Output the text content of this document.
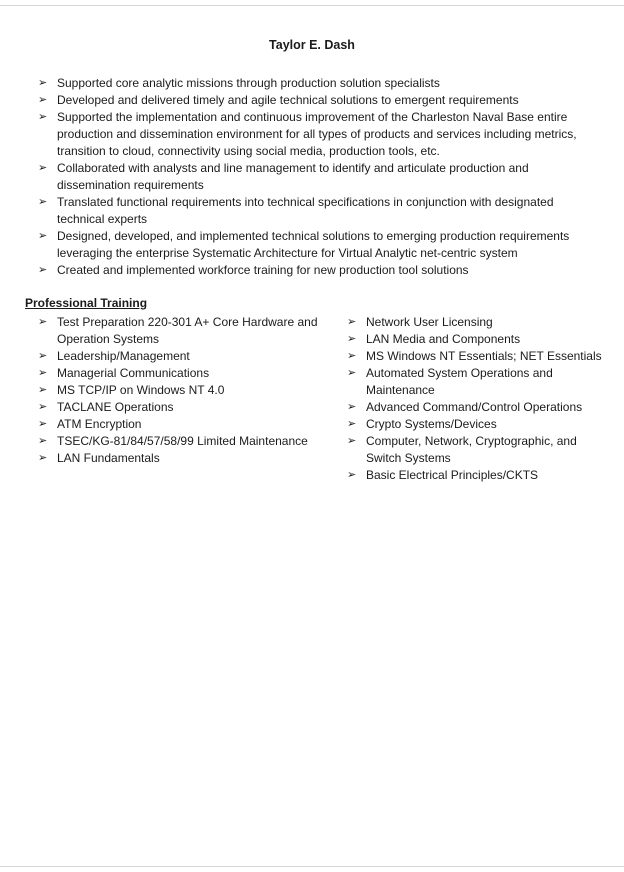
Taylor E. Dash
➢ Supported core analytic missions through production solution specialists
➢ Developed and delivered timely and agile technical solutions to emergent requirements
➢ Supported the implementation and continuous improvement of the Charleston Naval Base entire production and dissemination environment for all types of products and services including metrics, transition to cloud, connectivity using social media, production tools, etc.
➢ Collaborated with analysts and line management to identify and articulate production and dissemination requirements
➢ Translated functional requirements into technical specifications in conjunction with designated technical experts
➢ Designed, developed, and implemented technical solutions to emerging production requirements leveraging the enterprise Systematic Architecture for Virtual Analytic net-centric system
➢ Created and implemented workforce training for new production tool solutions
Professional Training
➢ Test Preparation 220-301 A+ Core Hardware and Operation Systems
➢ Leadership/Management
➢ Managerial Communications
➢ MS TCP/IP on Windows NT 4.0
➢ TACLANE Operations
➢ ATM Encryption
➢ TSEC/KG-81/84/57/58/99 Limited Maintenance
➢ LAN Fundamentals
➢ Network User Licensing
➢ LAN Media and Components
➢ MS Windows NT Essentials; NET Essentials
➢ Automated System Operations and Maintenance
➢ Advanced Command/Control Operations
➢ Crypto Systems/Devices
➢ Computer, Network, Cryptographic, and Switch Systems
➢ Basic Electrical Principles/CKTS
